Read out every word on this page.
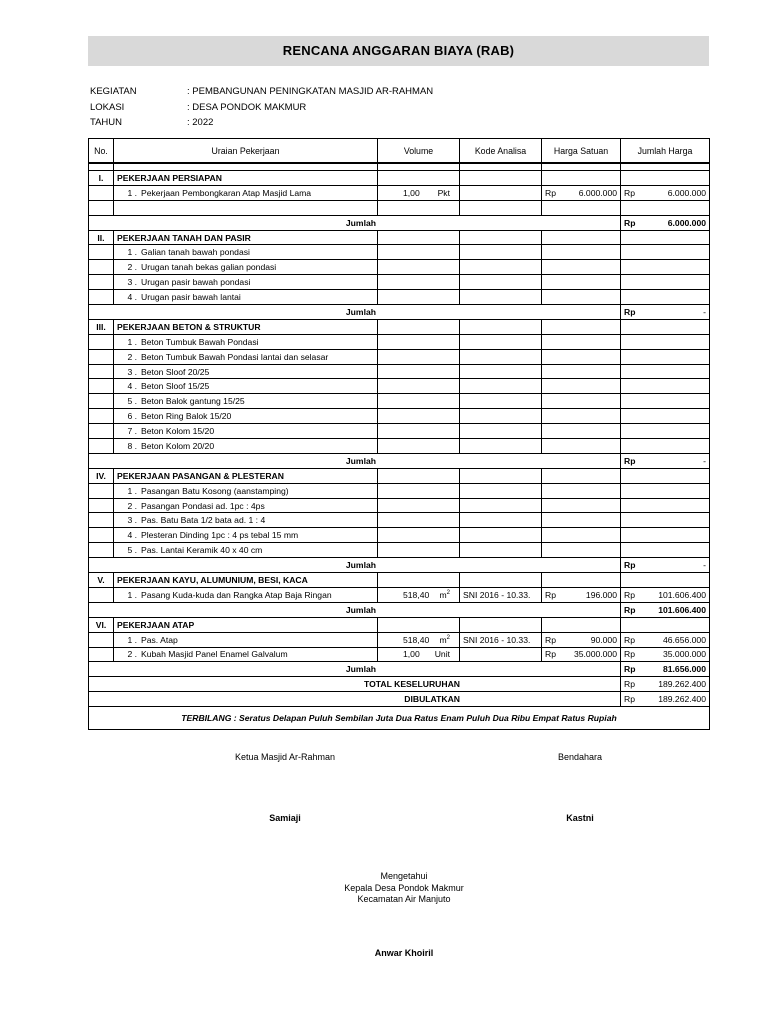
RENCANA ANGGARAN BIAYA (RAB)
KEGIATAN	: PEMBANGUNAN PENINGKATAN MASJID AR-RAHMAN
LOKASI	: DESA PONDOK MAKMUR
TAHUN	: 2022
No.	Uraian Pekerjaan	Volume	Kode Analisa	Harga Satuan	Jumlah Harga

I.	PEKERJAAN PERSIAPAN				
	1 . Pekerjaan Pembongkaran Atap Masjid Lama	1,00 Pkt		Rp 6.000.000	Rp 6.000.000

Jumlah					Rp 6.000.000

II.	PEKERJAAN TANAH DAN PASIR				
	1 . Galian tanah bawah pondasi				
	2 . Urugan tanah bekas galian pondasi				
	3 . Urugan pasir bawah pondasi				
	4 . Urugan pasir bawah lantai				
Jumlah					Rp -

III.	PEKERJAAN BETON & STRUKTUR				
	1 . Beton Tumbuk Bawah Pondasi				
	2 . Beton Tumbuk Bawah Pondasi lantai dan selasar				
	3 . Beton Sloof 20/25				
	4 . Beton Sloof 15/25				
	5 . Beton Balok gantung 15/25				
	6 . Beton Ring Balok 15/20				
	7 . Beton Kolom 15/20				
	8 . Beton Kolom 20/20				
Jumlah					Rp -

IV.	PEKERJAAN PASANGAN & PLESTERAN				
	1 . Pasangan Batu Kosong (aanstamping)				
	2 . Pasangan Pondasi ad. 1pc : 4ps				
	3 . Pas. Batu Bata 1/2 bata ad. 1 : 4				
	4 . Plesteran Dinding 1pc : 4 ps tebal 15 mm				
	5 . Pas. Lantai Keramik 40 x 40 cm				
Jumlah					Rp -

V.	PEKERJAAN KAYU, ALUMUNIUM, BESI, KACA				
	1 . Pasang Kuda-kuda dan Rangka Atap Baja Ringan	518,40 $m^2$	SNI 2016 - 10.33.	Rp 196.000	Rp 101.606.400

Jumlah					Rp 101.606.400

VI.	PEKERJAAN ATAP				
	1 . Pas. Atap	518,40 $m^2$	SNI 2016 - 10.33.	Rp 90.000	Rp 46.656.000

	2 . Kubah Masjid Panel Enamel Galvalum	1,00 Unit		Rp 35.000.000	Rp 35.000.000

Jumlah					Rp 81.656.000

TOTAL KESELURUHAN					Rp 189.262.400

DIBULATKAN					Rp 189.262.400

TERBILANG : Seratus Delapan Puluh Sembilan Juta Dua Ratus Enam Puluh Dua Ribu Empat Ratus Rupiah					
Ketua Masjid Ar-Rahman	Bendahara
Samiaji	Kastni
Mengetahui
Kepala Desa Pondok Makmur
Kecamatan Air Manjuto
Anwar Khoiril
